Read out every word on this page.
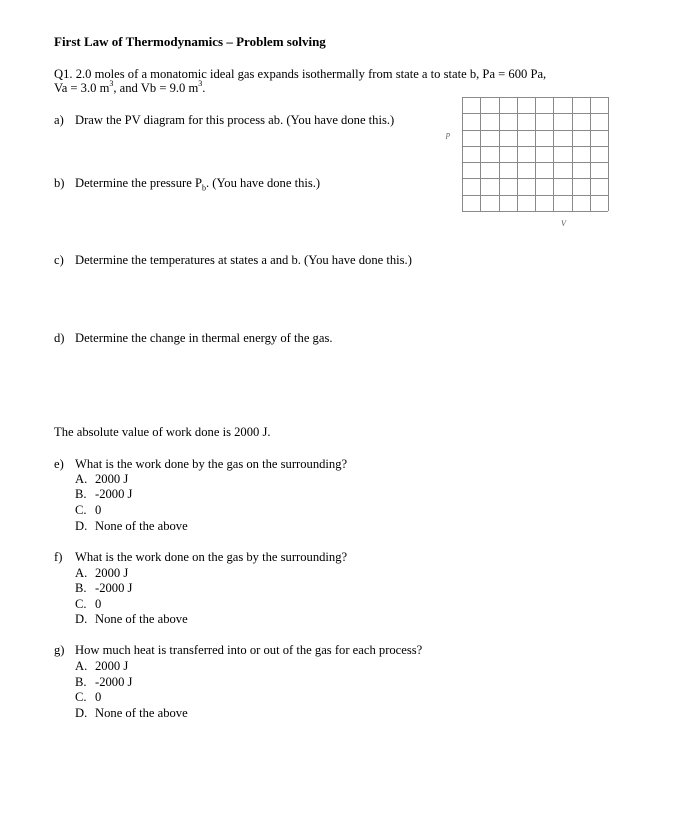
First Law of Thermodynamics – Problem solving
Q1. 2.0 moles of a monatomic ideal gas expands isothermally from state a to state b, Pa = 600 Pa,
Va = 3.0 $m^3$, and Vb = 9.0 $m^3$.
a) Draw the PV diagram for this process ab. (You have done this.)
p
V
b) Determine the pressure $P_b$. (You have done this.)
c) Determine the temperatures at states a and b. (You have done this.)
d) Determine the change in thermal energy of the gas.
The absolute value of work done is 2000 J.
e) What is the work done by the gas on the surrounding?
A. 2000 J
B. -2000 J
C. 0
D. None of the above
f) What is the work done on the gas by the surrounding?
A. 2000 J
B. -2000 J
C. 0
D. None of the above
g) How much heat is transferred into or out of the gas for each process?
A. 2000 J
B. -2000 J
C. 0
D. None of the above
